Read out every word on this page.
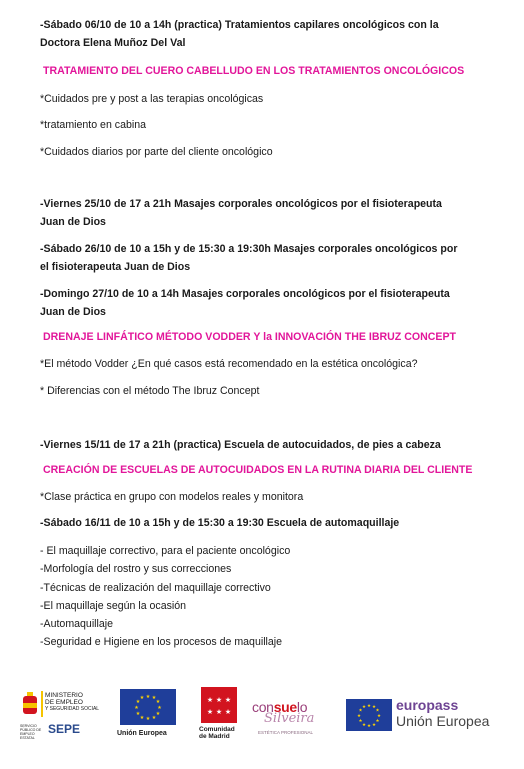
-Sábado 06/10 de 10 a 14h (practica) Tratamientos capilares oncológicos con la
Doctora Elena Muñoz Del Val
TRATAMIENTO DEL CUERO CABELLUDO EN LOS TRATAMIENTOS ONCOLÓGICOS
*Cuidados pre y post a las terapias oncológicas
*tratamiento en cabina
*Cuidados diarios por parte del cliente oncológico
-Viernes 25/10 de 17 a 21h Masajes corporales oncológicos por el fisioterapeuta
Juan de Dios
-Sábado 26/10 de 10 a 15h y de 15:30 a 19:30h Masajes corporales oncológicos por
el fisioterapeuta Juan de Dios
-Domingo 27/10 de 10 a 14h Masajes corporales oncológicos por el fisioterapeuta
Juan de Dios
DRENAJE LINFÁTICO MÉTODO VODDER Y la INNOVACIÓN THE IBRUZ CONCEPT
*El método Vodder ¿En qué casos está recomendado en la estética oncológica?
* Diferencias con el método The Ibruz Concept
-Viernes 15/11 de 17 a 21h (practica) Escuela de autocuidados, de pies a cabeza
CREACIÓN DE ESCUELAS DE AUTOCUIDADOS EN LA RUTINA DIARIA DEL CLIENTE
*Clase práctica en grupo con modelos reales y monitora
-Sábado 16/11 de 10 a 15h y de 15:30 a 19:30 Escuela de automaquillaje
- El maquillaje correctivo, para el paciente oncológico
-Morfología del rostro y sus correcciones
-Técnicas de realización del maquillaje correctivo
-El maquillaje según la ocasión
-Automaquillaje
-Seguridad e Higiene en los procesos de maquillaje
MINISTERIO
DE EMPLEO
Y SEGURIDAD SOCIAL
SERVICIO PÚBLICO DE EMPLEO ESTATAL
SEPE
★ ★
★
★
★
★
★
★
★
★
★
★
Unión Europea
★ ★ ★
★ ★ ★
Comunidad
de Madrid
consuelo
Silveira
ESTÉTICA PROFESIONAL
★ ★
★
★
★
★
★
★
★
★
★
★ europass
Unión Europea
